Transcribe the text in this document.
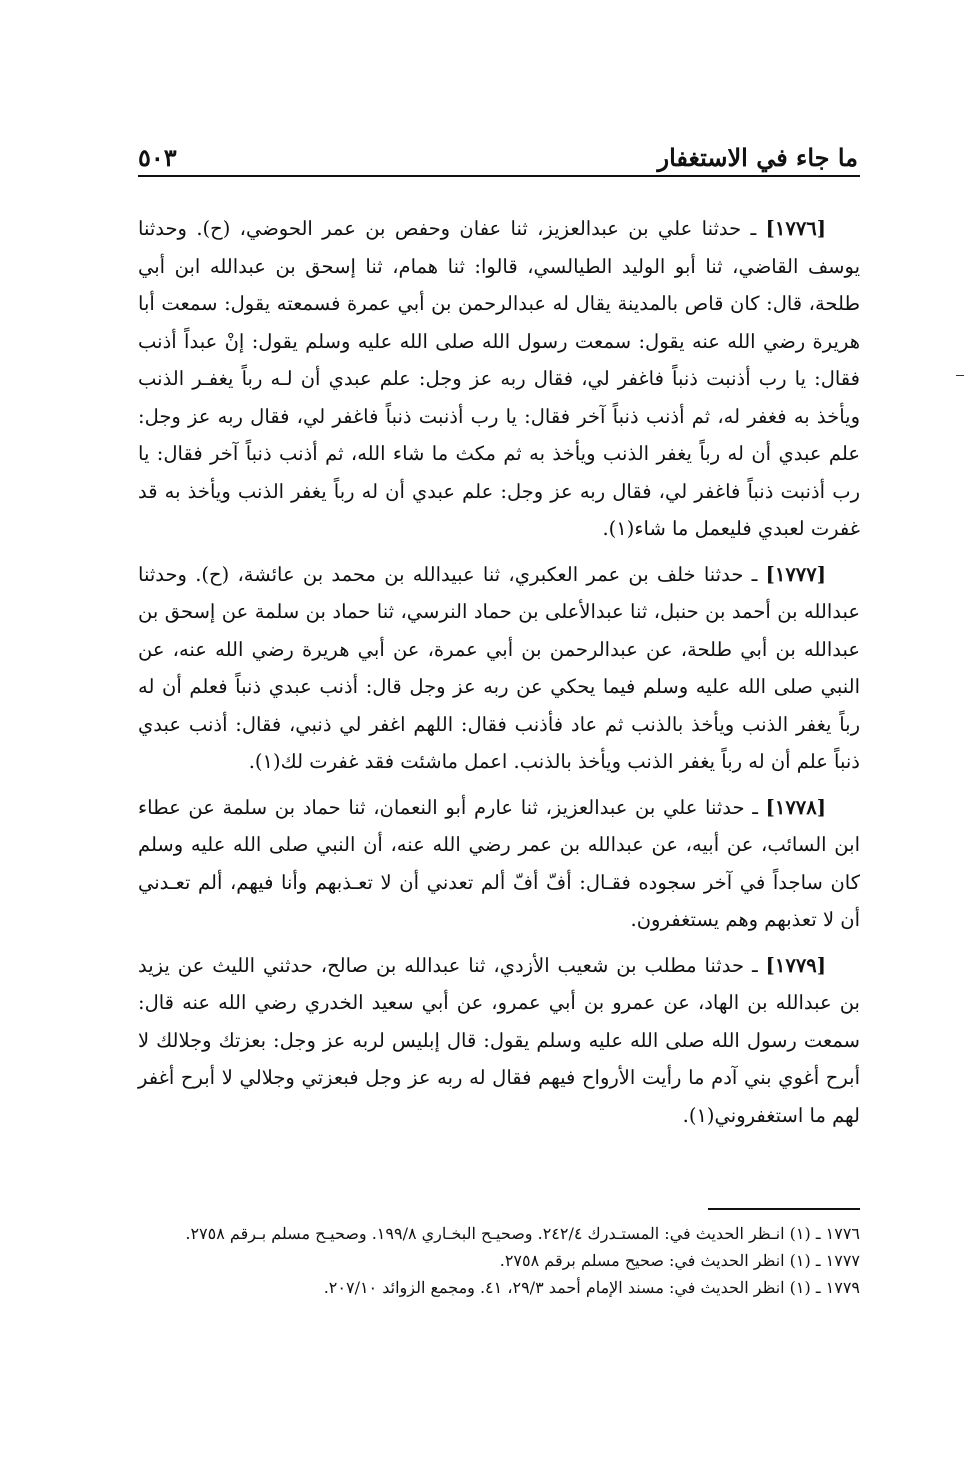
ما جاء في الاستغفار
٥٠٣

[١٧٧٦] ـ حدثنا علي بن عبدالعزيز، ثنا عفان وحفص بن عمر الحوضي، (ح). وحدثنا يوسف القاضي، ثنا أبو الوليد الطيالسي، قالوا: ثنا همام، ثنا إسحق بن عبدالله ابن أبي طلحة، قال: كان قاص بالمدينة يقال له عبدالرحمن بن أبي عمرة فسمعته يقول: سمعت أبا هريرة رضي الله عنه يقول: سمعت رسول الله صلى الله عليه وسلم يقول: إنْ عبداً أذنب فقال: يا رب أذنبت ذنباً فاغفر لي، فقال ربه عز وجل: علم عبدي أن لـه رباً يغفـر الذنب ويأخذ به فغفر له، ثم أذنب ذنباً آخر فقال: يا رب أذنبت ذنباً فاغفر لي، فقال ربه عز وجل: علم عبدي أن له رباً يغفر الذنب ويأخذ به ثم مكث ما شاء الله، ثم أذنب ذنباً آخر فقال: يا رب أذنبت ذنباً فاغفر لي، فقال ربه عز وجل: علم عبدي أن له رباً يغفر الذنب ويأخذ به قد غفرت لعبدي فليعمل ما شاء(١).

[١٧٧٧] ـ حدثنا خلف بن عمر العكبري، ثنا عبيدالله بن محمد بن عائشة، (ح). وحدثنا عبدالله بن أحمد بن حنبل، ثنا عبدالأعلى بن حماد النرسي، ثنا حماد بن سلمة عن إسحق بن عبدالله بن أبي طلحة، عن عبدالرحمن بن أبي عمرة، عن أبي هريرة رضي الله عنه، عن النبي صلى الله عليه وسلم فيما يحكي عن ربه عز وجل قال: أذنب عبدي ذنباً فعلم أن له رباً يغفر الذنب ويأخذ بالذنب ثم عاد فأذنب فقال: اللهم اغفر لي ذنبي، فقال: أذنب عبدي ذنباً علم أن له رباً يغفر الذنب ويأخذ بالذنب. اعمل ماشئت فقد غفرت لك(١).

[١٧٧٨] ـ حدثنا علي بن عبدالعزيز، ثنا عارم أبو النعمان، ثنا حماد بن سلمة عن عطاء ابن السائب، عن أبيه، عن عبدالله بن عمر رضي الله عنه، أن النبي صلى الله عليه وسلم كان ساجداً في آخر سجوده فقـال: أفّ أفّ ألم تعدني أن لا تعـذبهم وأنا فيهم، ألم تعـدني أن لا تعذبهم وهم يستغفرون.

[١٧٧٩] ـ حدثنا مطلب بن شعيب الأزدي، ثنا عبدالله بن صالح، حدثني الليث عن يزيد بن عبدالله بن الهاد، عن عمرو بن أبي عمرو، عن أبي سعيد الخدري رضي الله عنه قال: سمعت رسول الله صلى الله عليه وسلم يقول: قال إبليس لربه عز وجل: بعزتك وجلالك لا أبرح أغوي بني آدم ما رأيت الأرواح فيهم فقال له ربه عز وجل فبعزتي وجلالي لا أبرح أغفر لهم ما استغفروني(١).

١٧٧٦ ـ (١) انـظر الحديث في: المستـدرك ٢٤٢/٤. وصحيـح البخـاري ١٩٩/٨. وصحيـح مسلم بـرقم ٢٧٥٨.

١٧٧٧ ـ (١) انظر الحديث في: صحيح مسلم برقم ٢٧٥٨.

١٧٧٩ ـ (١) انظر الحديث في: مسند الإمام أحمد ٢٩/٣، ٤١. ومجمع الزوائد ٢٠٧/١٠.
